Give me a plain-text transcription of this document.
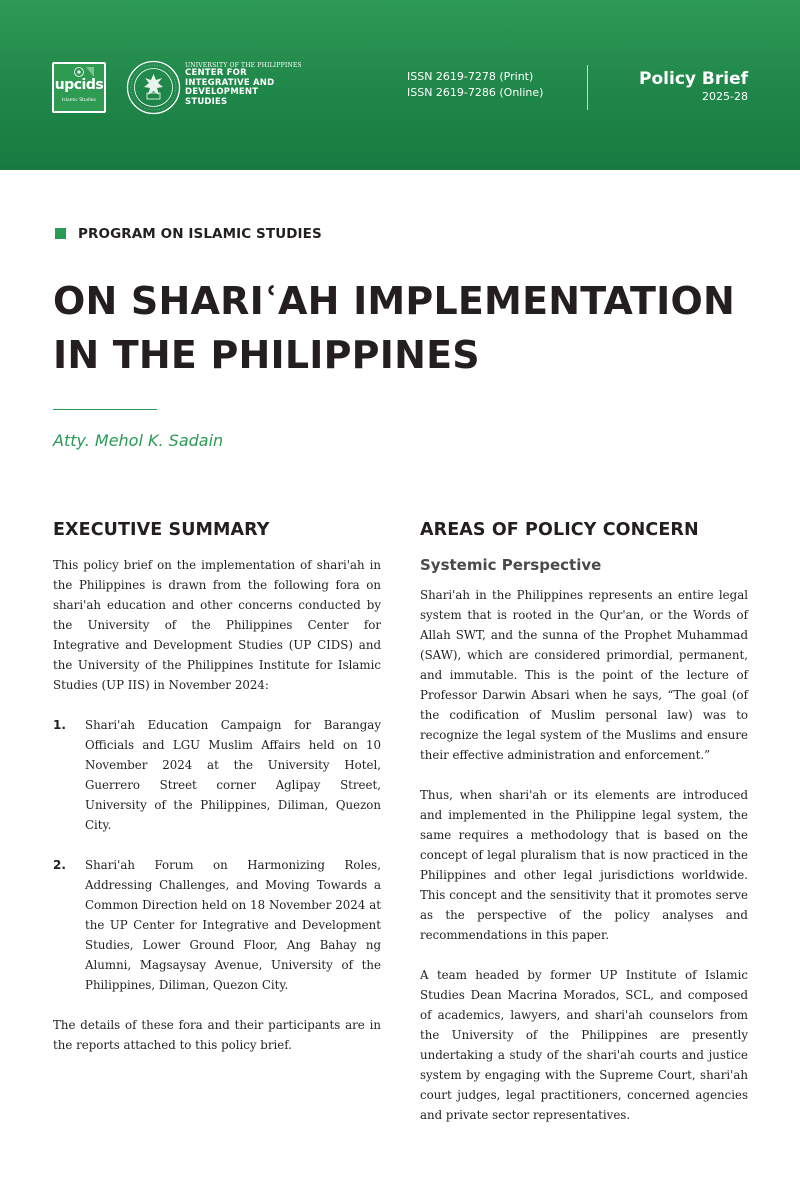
upcids
Islamic Studies
UNIVERSITY OF THE PHILIPPINES
CENTER FOR
INTEGRATIVE AND
DEVELOPMENT
STUDIES
ISSN 2619-7278 (Print)
ISSN 2619-7286 (Online)
Policy Brief
2025-28
PROGRAM ON ISLAMIC STUDIES
ON SHARIʿAH IMPLEMENTATION
IN THE PHILIPPINES
Atty. Mehol K. Sadain
EXECUTIVE SUMMARY

This policy brief on the implementation of shari'ah in the Philippines is drawn from the following fora on shari'ah education and other concerns conducted by the University of the Philippines Center for Integrative and Development Studies (UP CIDS) and the University of the Philippines Institute for Islamic Studies (UP IIS) in November 2024:

1.	Shari'ah Education Campaign for Barangay Officials and LGU Muslim Affairs held on 10 November 2024 at the University Hotel, Guerrero Street corner Aglipay Street, University of the Philippines, Diliman, Quezon City.

2.	Shari'ah Forum on Harmonizing Roles, Addressing Challenges, and Moving Towards a Common Direction held on 18 November 2024 at the UP Center for Integrative and Development Studies, Lower Ground Floor, Ang Bahay ng Alumni, Magsaysay Avenue, University of the Philippines, Diliman, Quezon City.

The details of these fora and their participants are in the reports attached to this policy brief.

AREAS OF POLICY CONCERN
Systemic Perspective

Shari'ah in the Philippines represents an entire legal system that is rooted in the Qur'an, or the Words of Allah SWT, and the sunna of the Prophet Muhammad (SAW), which are considered primordial, permanent, and immutable. This is the point of the lecture of Professor Darwin Absari when he says, “The goal (of the codification of Muslim personal law) was to recognize the legal system of the Muslims and ensure their effective administration and enforcement.”

Thus, when shari'ah or its elements are introduced and implemented in the Philippine legal system, the same requires a methodology that is based on the concept of legal pluralism that is now practiced in the Philippines and other legal jurisdictions worldwide. This concept and the sensitivity that it promotes serve as the perspective of the policy analyses and recommendations in this paper.

A team headed by former UP Institute of Islamic Studies Dean Macrina Morados, SCL, and composed of academics, lawyers, and shari'ah counselors from the University of the Philippines are presently undertaking a study of the shari'ah courts and justice system by engaging with the Supreme Court, shari'ah court judges, legal practitioners, concerned agencies and private sector representatives.
